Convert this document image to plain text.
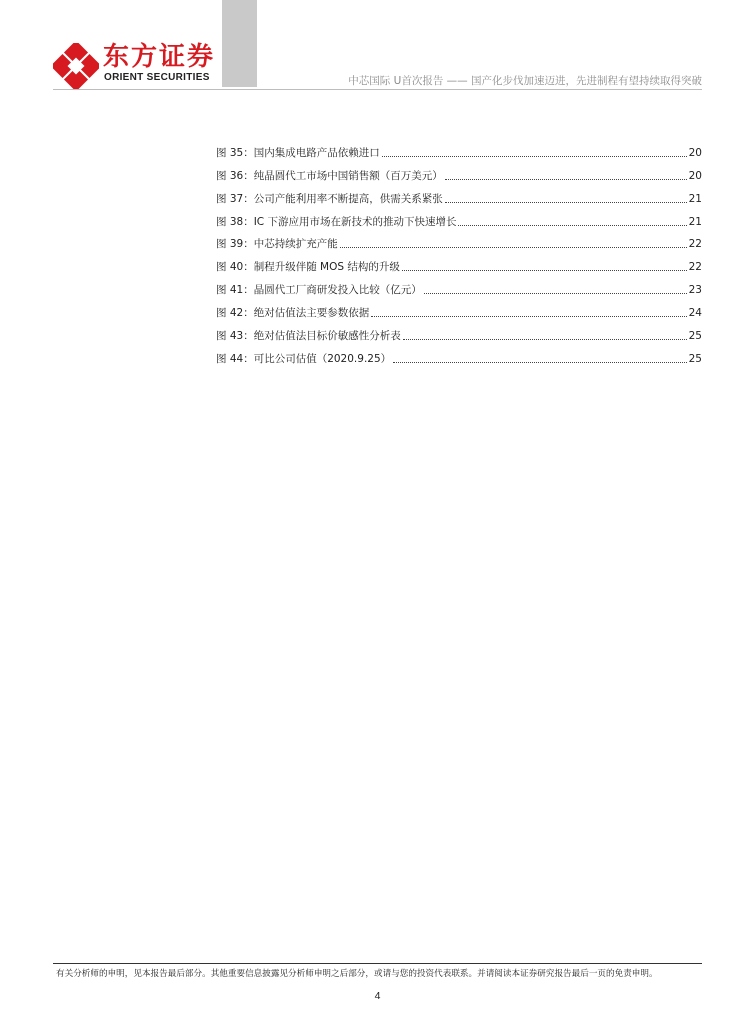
东方证券
ORIENT SECURITIES	中芯国际 U首次报告 —— 国产化步伐加速迈进，先进制程有望持续取得突破
图 35：国内集成电路产品依赖进口	20
图 36：纯晶圆代工市场中国销售额（百万美元）	20
图 37：公司产能利用率不断提高，供需关系紧张	21
图 38：IC 下游应用市场在新技术的推动下快速增长	21
图 39：中芯持续扩充产能	22
图 40：制程升级伴随 MOS 结构的升级	22
图 41：晶圆代工厂商研发投入比较（亿元）	23
图 42：绝对估值法主要参数依据	24
图 43：绝对估值法目标价敏感性分析表	25
图 44：可比公司估值（2020.9.25）	25
有关分析师的申明，见本报告最后部分。其他重要信息披露见分析师申明之后部分，或请与您的投资代表联系。并请阅读本证券研究报告最后一页的免责申明。
4
